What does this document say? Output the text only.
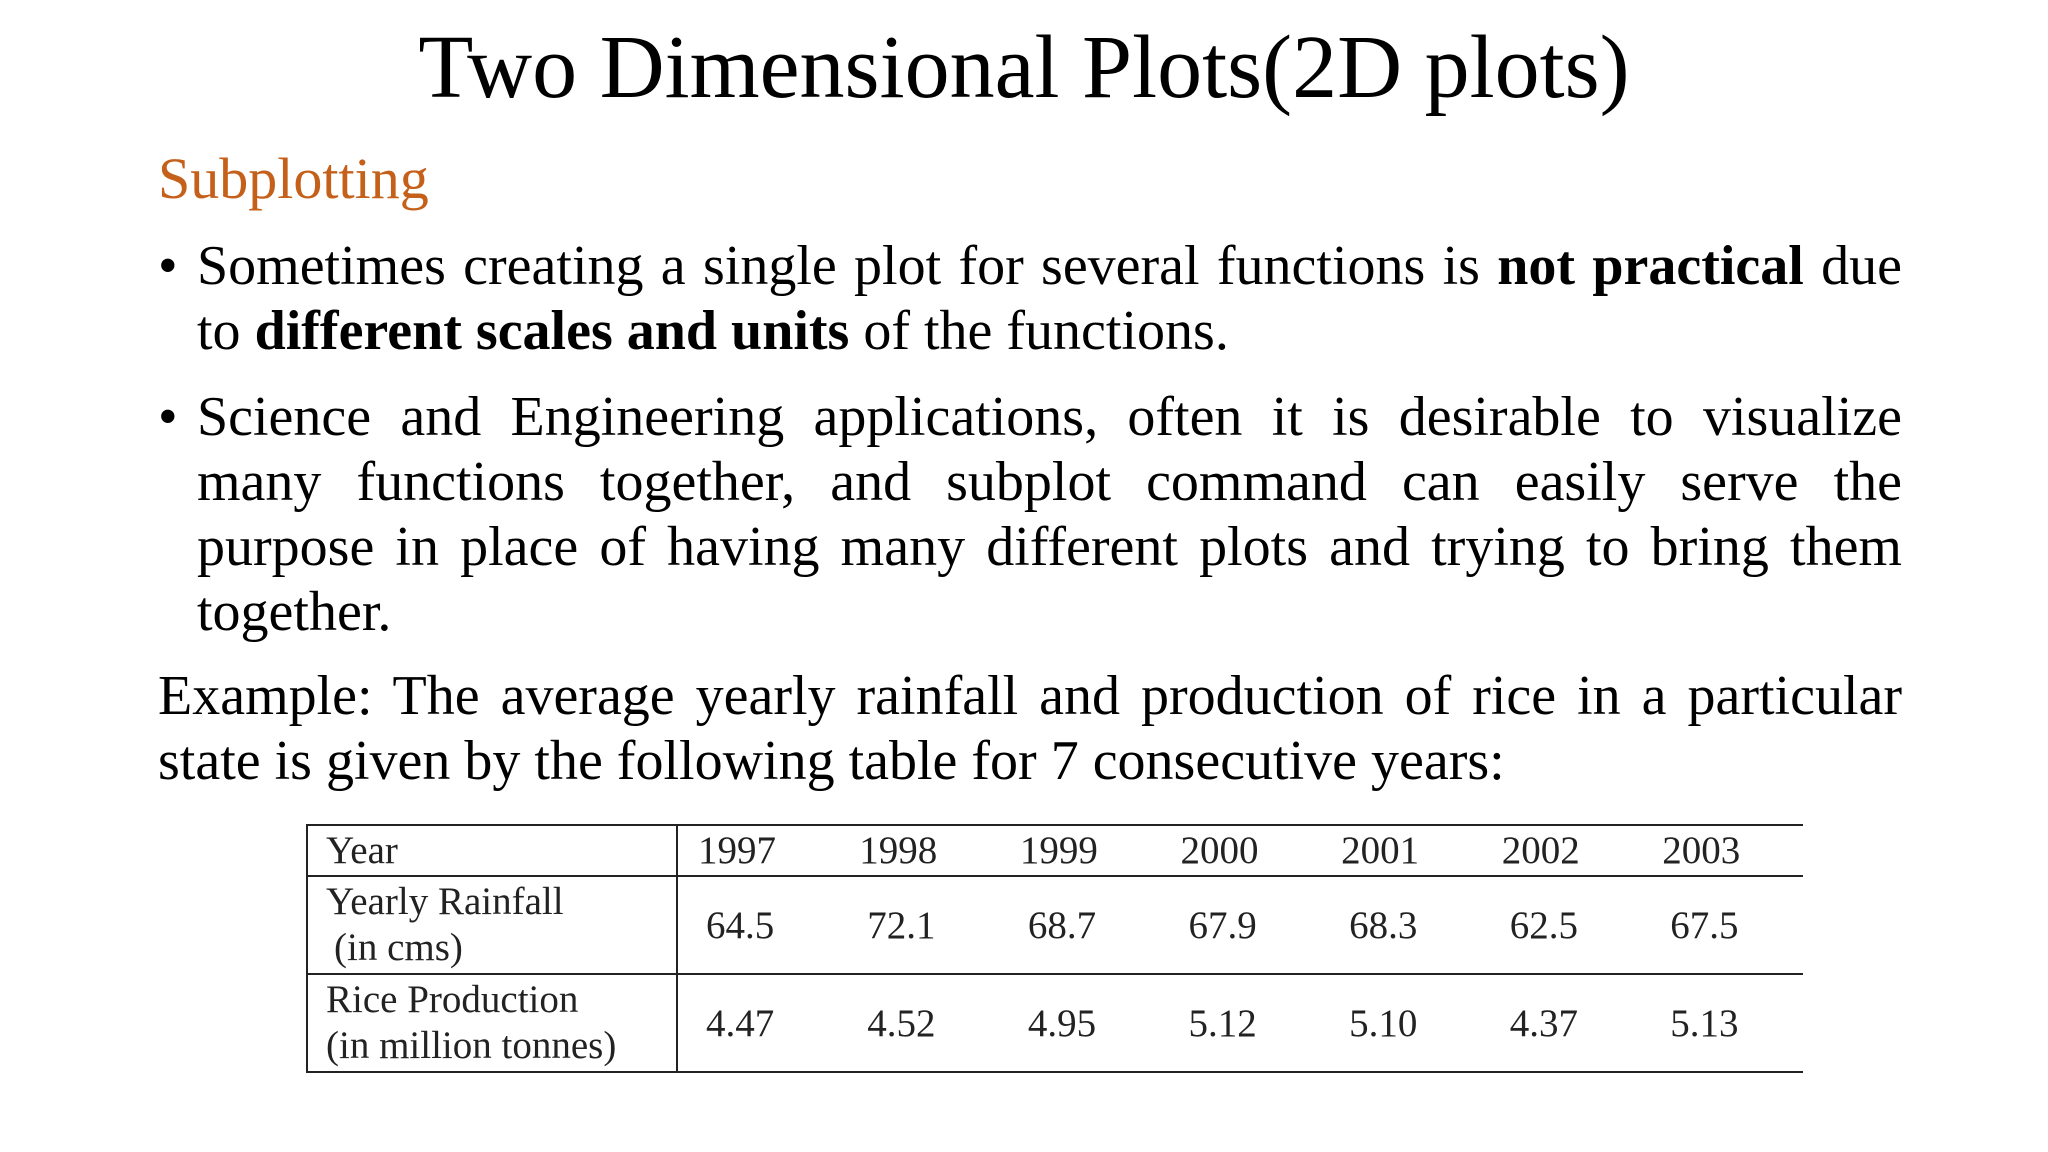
Two Dimensional Plots(2D plots)
Subplotting
• Sometimes creating a single plot for several functions is not practical due to different scales and units of the functions.
• Science and Engineering applications, often it is desirable to visualize many functions together, and subplot command can easily serve the purpose in place of having many different plots and trying to bring them together.

Example: The average yearly rainfall and production of rice in a particular state is given by the following table for 7 consecutive years:

Year	1997	1998	1999	2000	2001	2002	2003

Yearly Rainfall
(in cms)	64.5	72.1	68.7	67.9	68.3	62.5	67.5

Rice Production
(in million tonnes)	4.47	4.52	4.95	5.12	5.10	4.37	5.13
